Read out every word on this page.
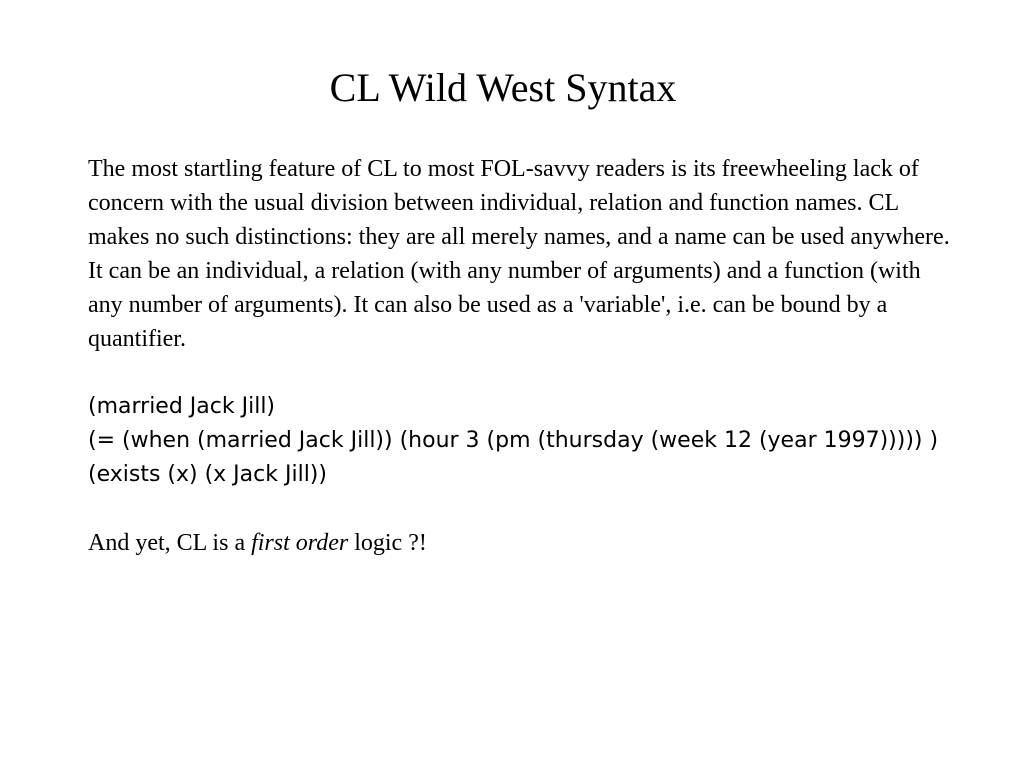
CL Wild West Syntax

The most startling feature of CL to most FOL-savvy readers is its freewheeling lack of concern with the usual division between individual, relation and function names. CL makes no such distinctions: they are all merely names, and a name can be used anywhere. It can be an individual, a relation (with any number of arguments) and a function (with any number of arguments). It can also be used as a 'variable', i.e. can be bound by a quantifier.

(married Jack Jill)
(= (when (married Jack Jill)) (hour 3 (pm (thursday (week 12 (year 1997))))) )
(exists (x) (x Jack Jill))

And yet, CL is a first order logic ?!
